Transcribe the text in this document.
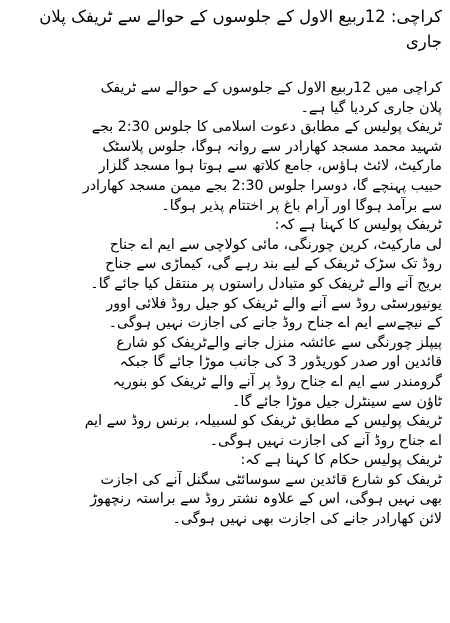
کراچی: 12ربیع الاول کے جلوسوں کے حوالے سے ٹریفک پلان
جاری
کراچی میں 12ربیع الاول کے جلوسوں کے حوالے سے ٹریفک
پلان جاری کردیا گیا ہے۔
ٹریفک پولیس کے مطابق دعوت اسلامی کا جلوس 2:30 بجے
شہید محمد مسجد کھارادر سے روانہ ہوگا، جلوس پلاسٹک
مارکیٹ، لائٹ ہاؤس، جامع کلاتھ سے ہوتا ہوا مسجد گلزار
حبیب پہنچے گا، دوسرا جلوس 2:30 بجے میمن مسجد کھارادر
سے برآمد ہوگا اور آرام باغ پر اختتام پذیر ہوگا۔
ٹریفک پولیس کا کہنا ہے کہ:
لی مارکیٹ، کرین چورنگی، مائی کولاچی سے ایم اے جناح
روڈ تک سڑک ٹریفک کے لیے بند رہے گی، کیماڑی سے جناح
بریج آنے والے ٹریفک کو متبادل راستوں پر منتقل کیا جائے گا۔
یونیورسٹی روڈ سے آنے والے ٹریفک کو جیل روڈ فلائی اوور
کے نیچےسے ایم اے جناح روڈ جانے کی اجازت نہیں ہوگی۔
پیپلز چورنگی سے عائشہ منزل جانے والےٹریفک کو شارع
قائدین اور صدر کوریڈور 3 کی جانب موڑا جائے گا جبکہ
گرومندر سے ایم اے جناح روڈ پر آنے والے ٹریفک کو بنوریہ
ٹاؤن سے سینٹرل جیل موڑا جائے گا۔
ٹریفک پولیس کے مطابق ٹریفک کو لسبیلہ، برنس روڈ سے ایم
اے جناح روڈ آنے کی اجازت نہیں ہوگی۔
ٹریفک پولیس حکام کا کہنا ہے کہ:
ٹریفک کو شارع قائدین سے سوسائٹی سگنل آنے کی اجازت
بھی نہیں ہوگی، اس کے علاوہ نشتر روڈ سے براستہ رنچھوڑ
لائن کھارادر جانے کی اجازت بھی نہیں ہوگی۔
